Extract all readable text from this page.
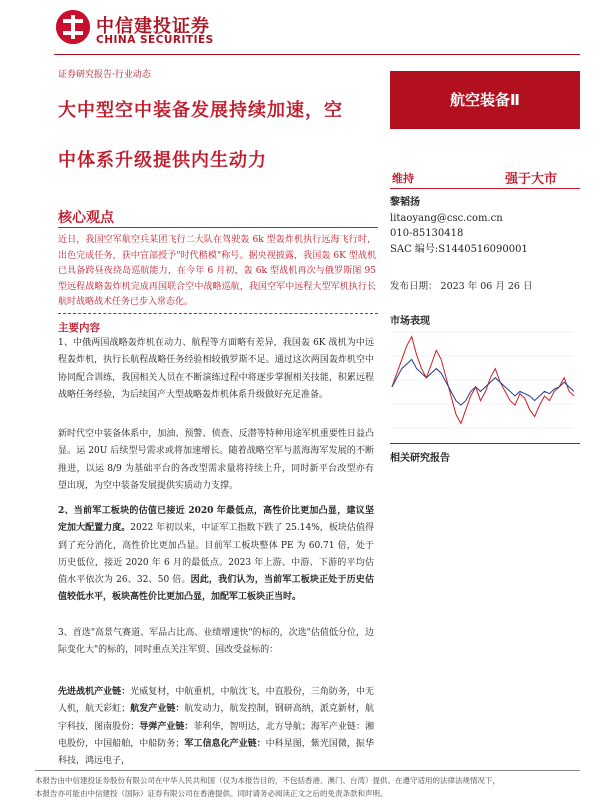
中信建投证券
CHINA SECURITIES
证券研究报告·行业动态
大中型空中装备发展持续加速，空
中体系升级提供内生动力
航空装备Ⅱ
维持	强于大市
黎韬扬
litaoyang@csc.com.cn
010-85130418
SAC 编号:S1440516090001
发布日期： 2023 年 06 月 26 日
市场表现
相关研究报告
核心观点
近日，我国空军航空兵某团飞行二大队在驾驶轰 6k 型轰炸机执行远海飞行时，出色完成任务，获中宣部授予"时代楷模"称号。据央视披露，我国轰 6K 型战机已具备跨昼夜绕岛巡航能力，在今年 6 月初，轰 6k 型战机再次与俄罗斯图 95 型远程战略轰炸机完成再国联合空中战略巡航，我国空军中远程大型军机执行长航时战略战术任务已步入常态化。
主要内容
1、中俄两国战略轰炸机在动力、航程等方面略有差异，我国轰 6K 战机为中远程轰炸机，执行长航程战略任务经验相较俄罗斯不足。通过这次两国轰炸机空中协同配合训练，我国相关人员在不断演练过程中将逐步掌握相关技能，积累远程战略任务经验，为后续国产大型战略轰炸机体系升级做好充足准备。
新时代空中装备体系中，加油、预警、侦查、反潜等特种用途军机重要性日益凸显。运 20U 后续型号需求或将加速增长。随着战略空军与蓝海海军发展的不断推进，以运 8/9 为基础平台的各改型需求量将持续上升，同时新平台改型亦有望出现，为空中装备发展提供实质动力支撑。
2、当前军工板块的估值已接近 2020 年最低点，高性价比更加凸显，建议坚定加大配置力度。2022 年初以来，中证军工指数下跌了 25.14%，板块估值得到了充分消化，高性价比更加凸显。目前军工板块整体 PE 为 60.71 倍，处于历史低位，接近 2020 年 6 月的最低点。2023 年上游、中游、下游的平均估值水平依次为 26、32、50 倍。因此，我们认为，当前军工板块正处于历史估值较低水平，板块高性价比更加凸显，加配军工板块正当时。
3、首选"高景气赛道、军品占比高、业绩增速快"的标的，次选"估值低分位，边际变化大"的标的，同时重点关注军贸、国改受益标的：
先进战机产业链：光威复材，中航重机，中航沈飞，中直股份，三角防务，中无人机，航天彩虹；航发产业链：航发动力，航发控制，钢研高纳，派克新材，航宇科技，图南股份；导弹产业链：菲利华，智明达，北方导航；海军产业链：湘电股份，中国船舶，中船防务；军工信息化产业链：中科星图，紫光国微，振华科技，鸿远电子，
本报告由中信建投证券股份有限公司在中华人民共和国（仅为本报告目的，不包括香港、澳门、台湾）提供。在遵守适用的法律法规情况下，
本报告亦可能由中信建投（国际）证券有限公司在香港提供。同时请务必阅读正文之后的免责条款和声明。
